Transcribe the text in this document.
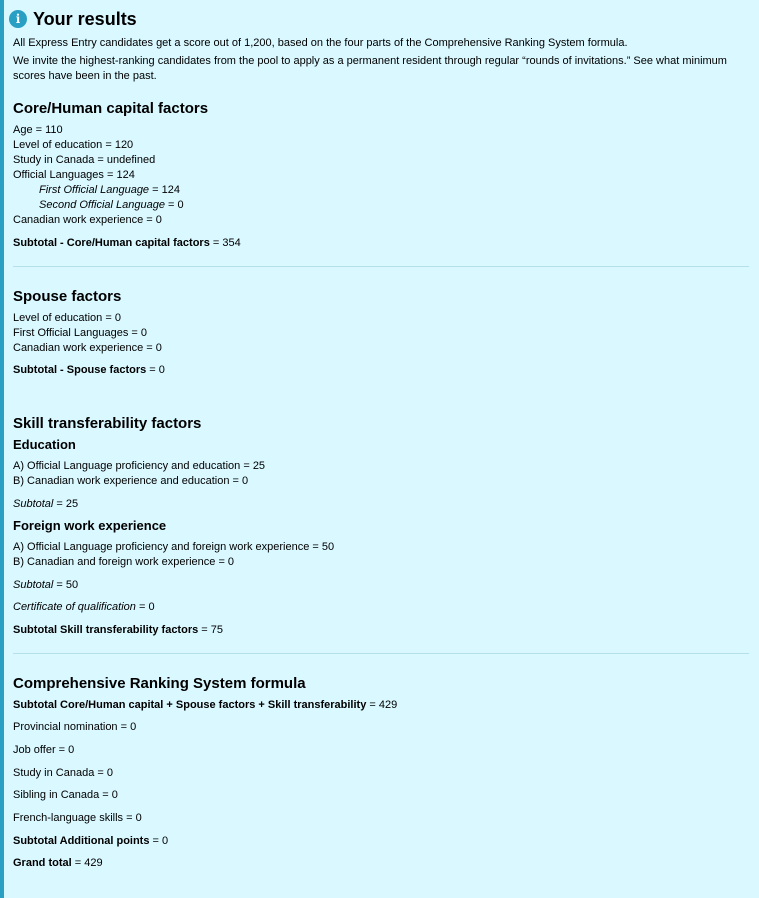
i Your results

All Express Entry candidates get a score out of 1,200, based on the four parts of the Comprehensive Ranking System formula.

We invite the highest-ranking candidates from the pool to apply as a permanent resident through regular “rounds of invitations.” See what minimum scores have been in the past.

Core/Human capital factors
Age = 110
Level of education = 120
Study in Canada = undefined
Official Languages = 124
First Official Language = 124
Second Official Language = 0
Canadian work experience = 0
Subtotal - Core/Human capital factors = 354
Spouse factors
Level of education = 0
First Official Languages = 0
Canadian work experience = 0
Subtotal - Spouse factors = 0
Skill transferability factors
Education
A) Official Language proficiency and education = 25
B) Canadian work experience and education = 0
Subtotal = 25
Foreign work experience
A) Official Language proficiency and foreign work experience = 50
B) Canadian and foreign work experience = 0
Subtotal = 50
Certificate of qualification = 0
Subtotal Skill transferability factors = 75
Comprehensive Ranking System formula
Subtotal Core/Human capital + Spouse factors + Skill transferability = 429
Provincial nomination = 0
Job offer = 0
Study in Canada = 0
Sibling in Canada = 0
French-language skills = 0
Subtotal Additional points = 0
Grand total = 429
